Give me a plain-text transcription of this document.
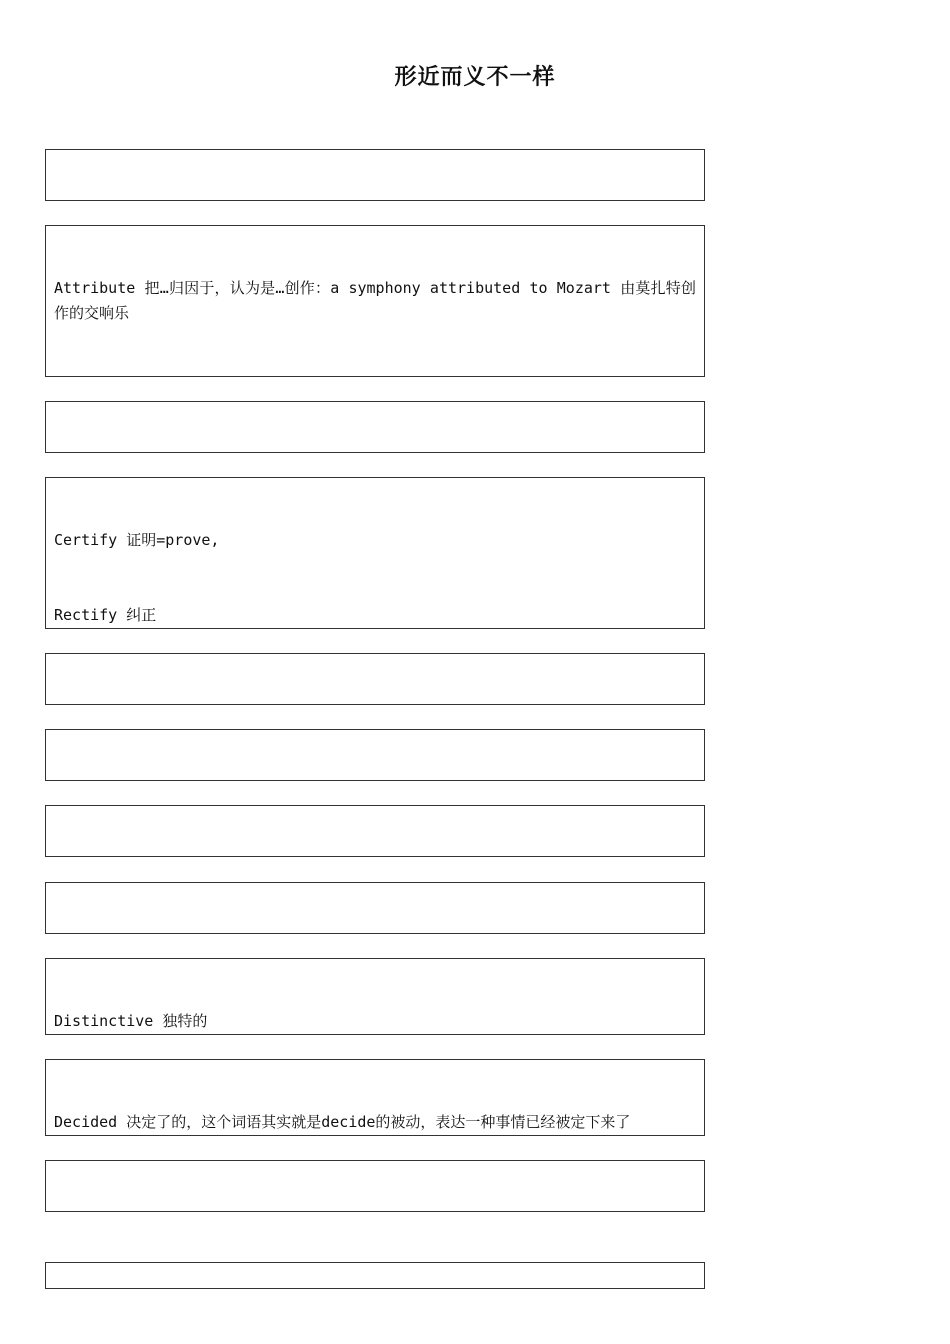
形近而义不一样

Attribute 把…归因于，认为是…创作：a symphony attributed to Mozart 由莫扎特创作的交响乐

Certify 证明=prove,

Rectify 纠正

Distinctive 独特的

Decided 决定了的，这个词语其实就是decide的被动，表达一种事情已经被定下来了
